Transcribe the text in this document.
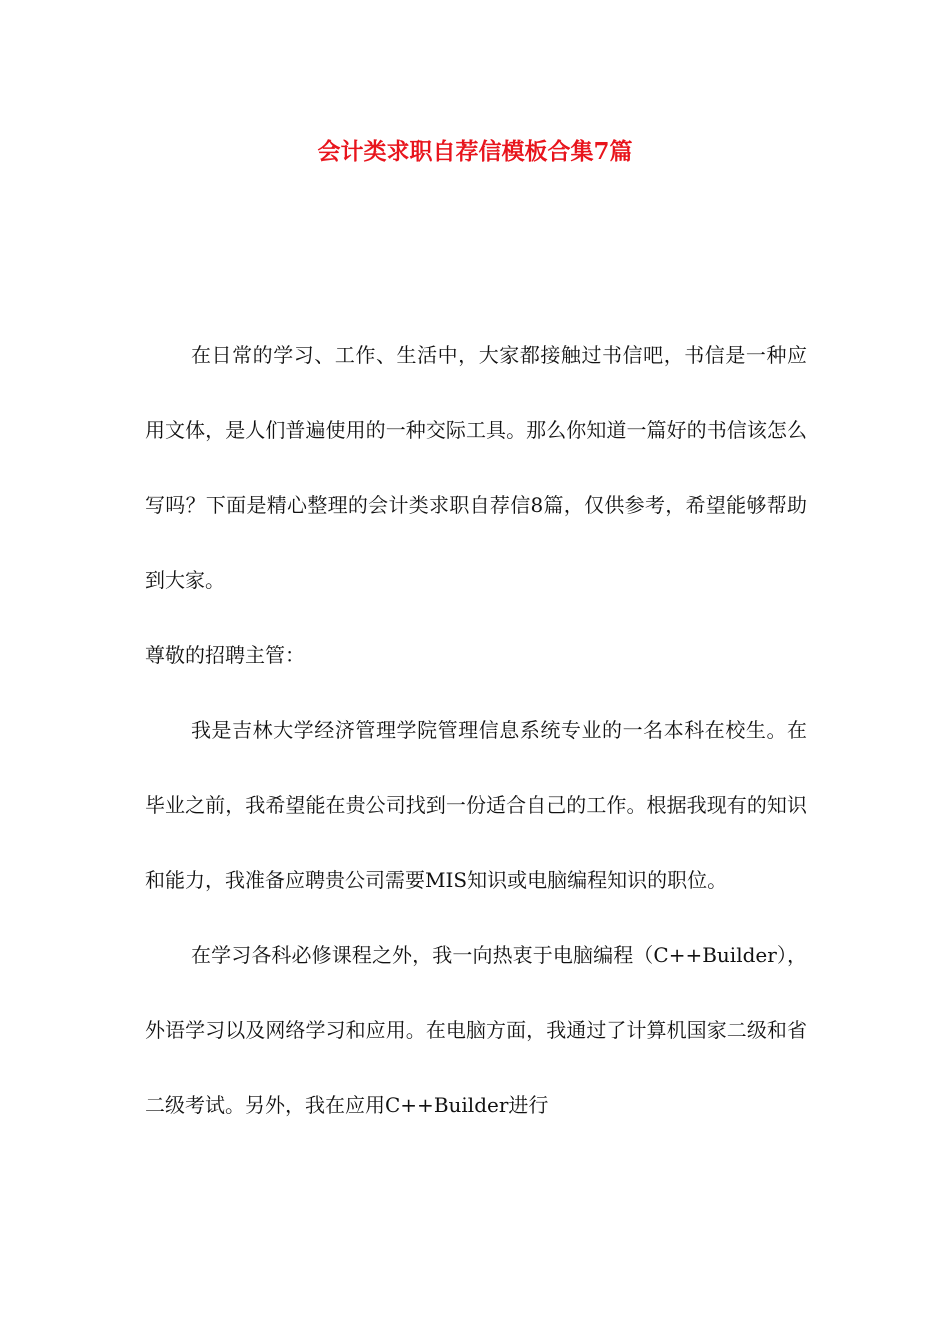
会计类求职自荐信模板合集7篇

在日常的学习、工作、生活中，大家都接触过书信吧，书信是一种应用文体，是人们普遍使用的一种交际工具。那么你知道一篇好的书信该怎么写吗？下面是精心整理的会计类求职自荐信8篇，仅供参考，希望能够帮助到大家。

尊敬的招聘主管：

我是吉林大学经济管理学院管理信息系统专业的一名本科在校生。在毕业之前，我希望能在贵公司找到一份适合自己的工作。根据我现有的知识和能力，我准备应聘贵公司需要MIS知识或电脑编程知识的职位。

在学习各科必修课程之外，我一向热衷于电脑编程（C++Builder），外语学习以及网络学习和应用。在电脑方面，我通过了计算机国家二级和省二级考试。另外，我在应用C++Builder进行
